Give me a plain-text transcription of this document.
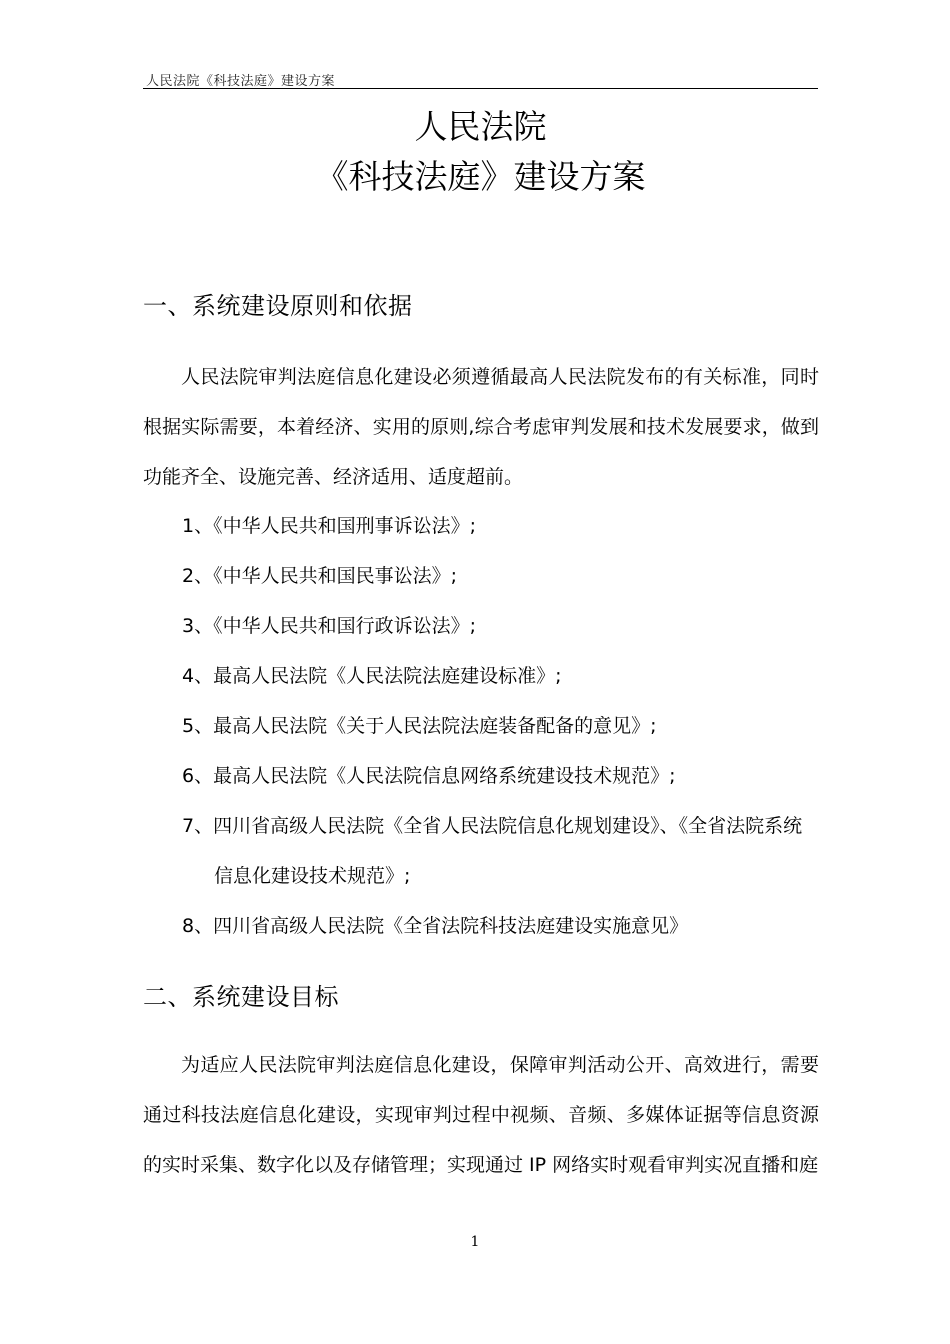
人民法院《科技法庭》建设方案
人民法院
《科技法庭》建设方案
一、系统建设原则和依据

人民法院审判法庭信息化建设必须遵循最高人民法院发布的有关标准，同时根据实际需要，本着经济、实用的原则,综合考虑审判发展和技术发展要求，做到功能齐全、设施完善、经济适用、适度超前。

1、《中华人民共和国刑事诉讼法》;
2、《中华人民共和国民事讼法》;
3、《中华人民共和国行政诉讼法》;
4、最高人民法院《人民法院法庭建设标准》;
5、最高人民法院《关于人民法院法庭装备配备的意见》;
6、最高人民法院《人民法院信息网络系统建设技术规范》;
7、四川省高级人民法院《全省人民法院信息化规划建设》、《全省法院系统信息化建设技术规范》;
8、四川省高级人民法院《全省法院科技法庭建设实施意见》
二、系统建设目标

为适应人民法院审判法庭信息化建设，保障审判活动公开、高效进行，需要通过科技法庭信息化建设，实现审判过程中视频、音频、多媒体证据等信息资源的实时采集、数字化以及存储管理；实现通过 IP 网络实时观看审判实况直播和庭

1
